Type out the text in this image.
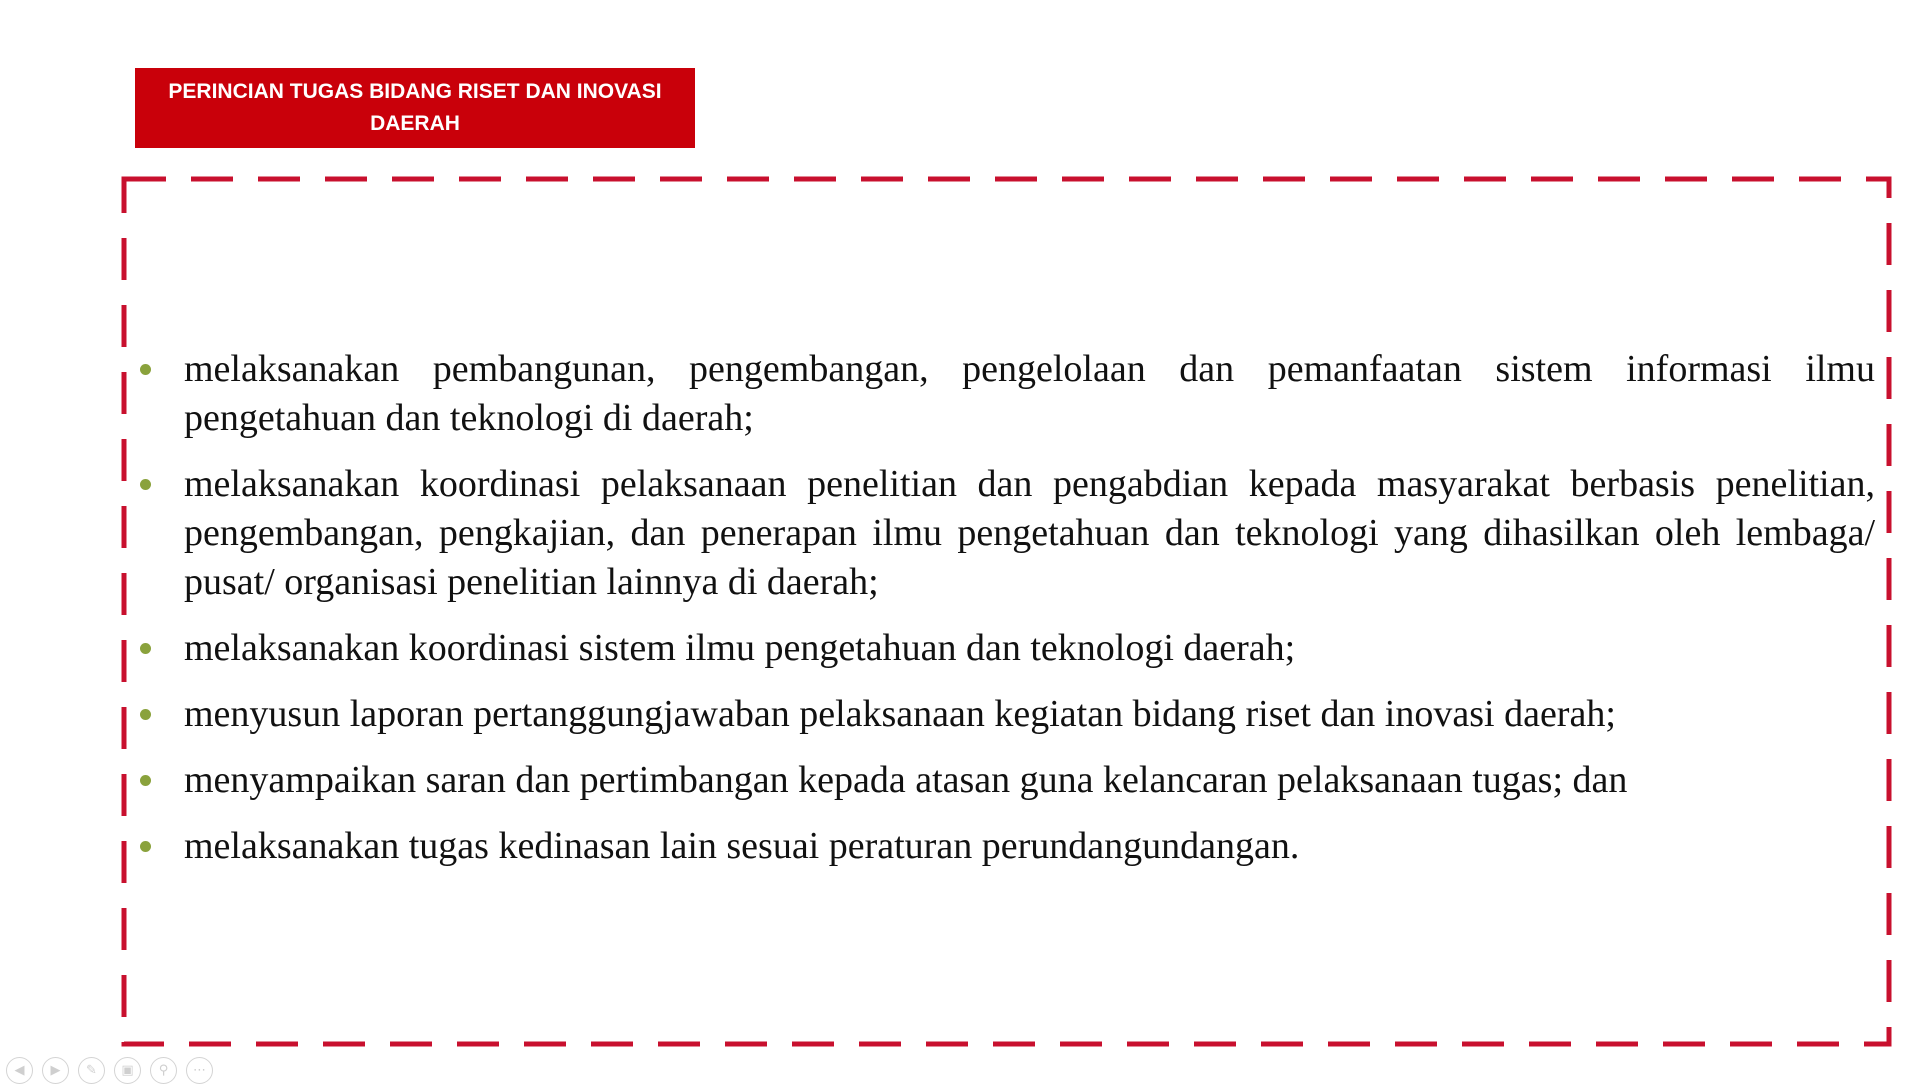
PERINCIAN TUGAS BIDANG RISET DAN INOVASI DAERAH
melaksanakan pembangunan, pengembangan, pengelolaan dan pemanfaatan sistem informasi ilmu pengetahuan dan teknologi di daerah;
melaksanakan koordinasi pelaksanaan penelitian dan pengabdian kepada masyarakat berbasis penelitian, pengembangan, pengkajian, dan penerapan ilmu pengetahuan dan teknologi yang dihasilkan oleh lembaga/ pusat/ organisasi penelitian lainnya di daerah;
melaksanakan koordinasi sistem ilmu pengetahuan dan teknologi daerah;
menyusun laporan pertanggungjawaban pelaksanaan kegiatan bidang riset dan inovasi daerah;
menyampaikan saran dan pertimbangan kepada atasan guna kelancaran pelaksanaan tugas; dan
melaksanakan tugas kedinasan lain sesuai peraturan perundangundangan.
◀ ▶ ✎ ▣ ⚲ ⋯
